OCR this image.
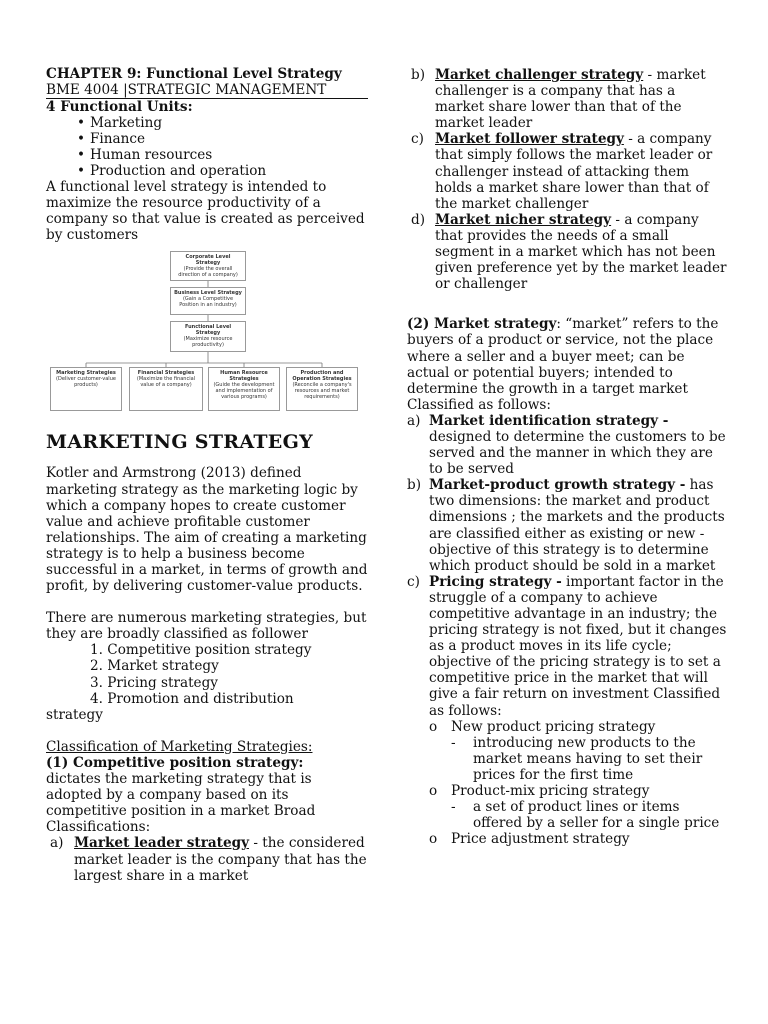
CHAPTER 9: Functional Level Strategy

BME 4004 |STRATEGIC MANAGEMENT

4 Functional Units:

• Marketing
• Finance
• Human resources
• Production and operation

A functional level strategy is intended to maximize the resource productivity of a company so that value is created as perceived by customers

Corporate Level Strategy
(Provide the overall direction of a company)
Business Level Strategy
(Gain a Competitive Position in an industry)
Functional Level Strategy
(Maximize resource productivity)
Marketing Strategies
(Deliver customer-value products)
Financial Strategies
(Maximize the financial value of a company)
Human Resource Strategies
(Guide the development and implementation of various programs)
Production and Operation Strategies
(Reconcile a company's resources and market requirements)

MARKETING STRATEGY

Kotler and Armstrong (2013) defined marketing strategy as the marketing logic by which a company hopes to create customer value and achieve profitable customer relationships. The aim of creating a marketing strategy is to help a business become successful in a market, in terms of growth and profit, by delivering customer-value products.

There are numerous marketing strategies, but they are broadly classified as follower

1. Competitive position strategy

2. Market strategy

3. Pricing strategy

4. Promotion and distribution

strategy

Classification of Marketing Strategies:

(1) Competitive position strategy:

dictates the marketing strategy that is adopted by a company based on its competitive position in a market Broad Classifications:

a) Market leader strategy - the considered market leader is the company that has the largest share in a market
b) Market challenger strategy - market challenger is a company that has a market share lower than that of the market leader
c) Market follower strategy - a company that simply follows the market leader or challenger instead of attacking them holds a market share lower than that of the market challenger
d) Market nicher strategy - a company that provides the needs of a small segment in a market which has not been given preference yet by the market leader or challenger

(2) Market strategy: “market” refers to the buyers of a product or service, not the place where a seller and a buyer meet; can be actual or potential buyers; intended to determine the growth in a target market Classified as follows:

a) Market identification strategy - designed to determine the customers to be served and the manner in which they are to be served
b) Market-product growth strategy - has two dimensions: the market and product dimensions ; the markets and the products are classified either as existing or new - objective of this strategy is to determine which product should be sold in a market
c) Pricing strategy - important factor in the struggle of a company to achieve competitive advantage in an industry; the pricing strategy is not fixed, but it changes as a product moves in its life cycle; objective of the pricing strategy is to set a competitive price in the market that will give a fair return on investment Classified as follows:
o New product pricing strategy
- introducing new products to the market means having to set their prices for the first time
o Product-mix pricing strategy
- a set of product lines or items offered by a seller for a single price
o Price adjustment strategy
